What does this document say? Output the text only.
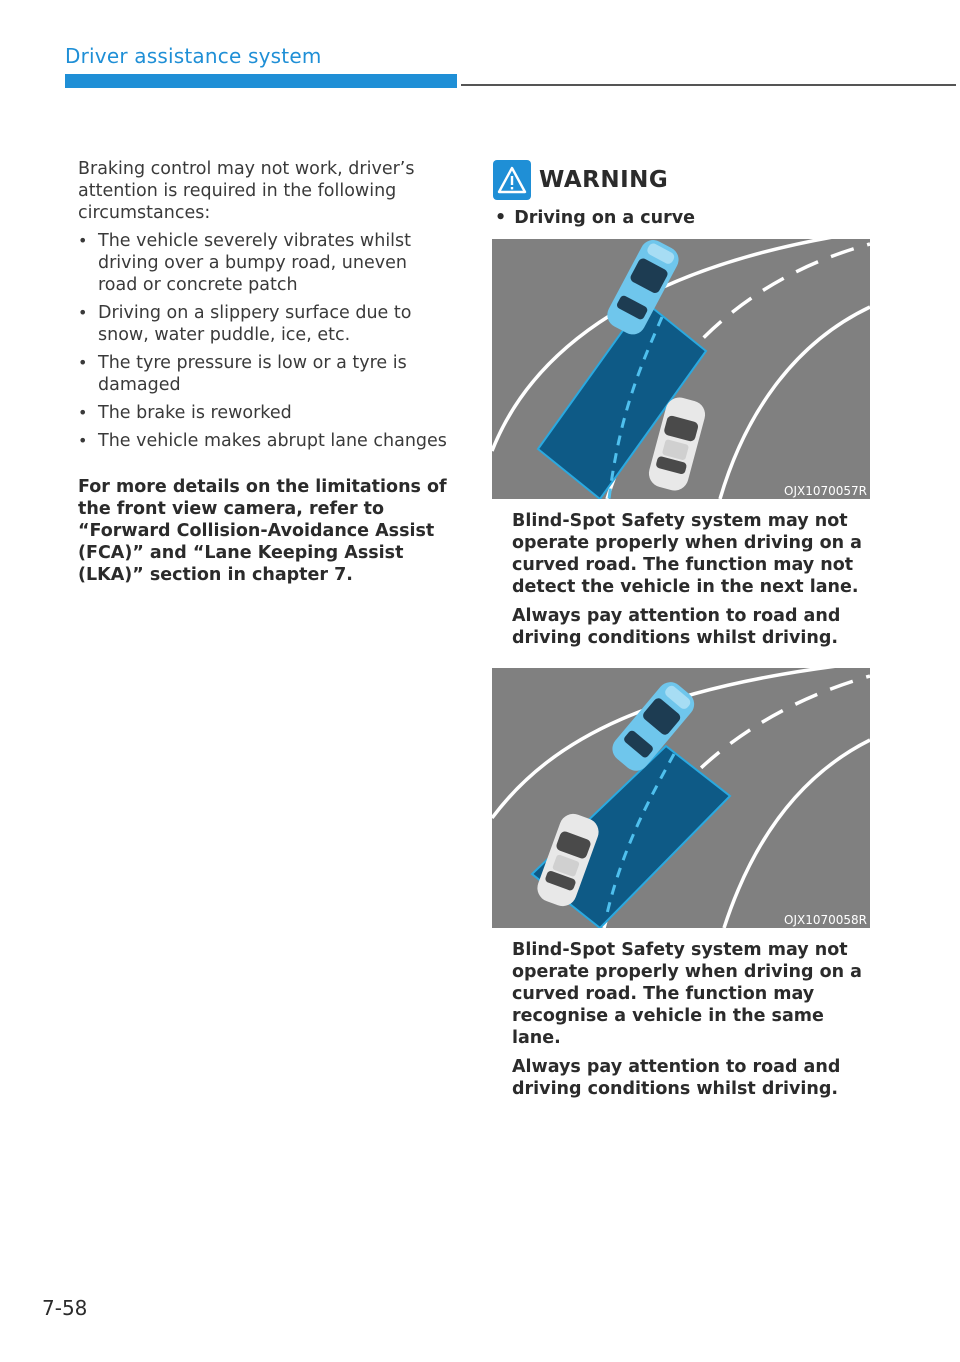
Driver assistance system

Braking control may not work, driver’s attention is required in the following circumstances:

• The vehicle severely vibrates whilst driving over a bumpy road, uneven road or concrete patch
• Driving on a slippery surface due to snow, water puddle, ice, etc.
• The tyre pressure is low or a tyre is damaged
• The brake is reworked
• The vehicle makes abrupt lane changes

For more details on the limitations of the front view camera, refer to “Forward Collision-Avoidance Assist (FCA)” and “Lane Keeping Assist (LKA)” section in chapter 7.

WARNING
• Driving on a curve
OJX1070057R

Blind-Spot Safety system may not operate properly when driving on a curved road. The function may not detect the vehicle in the next lane.

Always pay attention to road and driving conditions whilst driving.

OJX1070058R

Blind-Spot Safety system may not operate properly when driving on a curved road. The function may recognise a vehicle in the same lane.

Always pay attention to road and driving conditions whilst driving.

7-58
